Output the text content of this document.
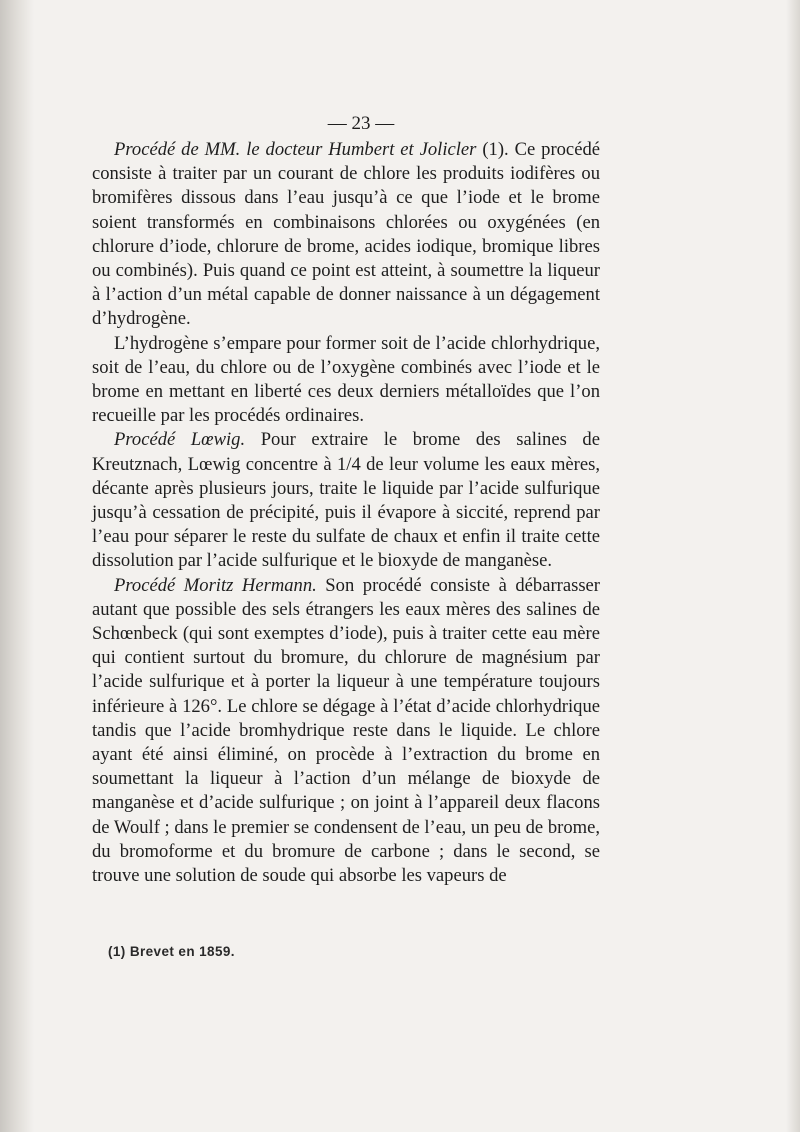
— 23 —

Procédé de MM. le docteur Humbert et Jolicler (1). Ce procédé consiste à traiter par un courant de chlore les produits iodifères ou bromifères dissous dans l’eau jusqu’à ce que l’iode et le brome soient transformés en combinaisons chlorées ou oxygénées (en chlorure d’iode, chlorure de brome, acides iodique, bromique libres ou combinés). Puis quand ce point est atteint, à soumettre la liqueur à l’action d’un métal capable de donner naissance à un dégagement d’hydrogène.

L’hydrogène s’empare pour former soit de l’acide chlorhydrique, soit de l’eau, du chlore ou de l’oxygène combinés avec l’iode et le brome en mettant en liberté ces deux derniers métalloïdes que l’on recueille par les procédés ordinaires.

Procédé Lœwig. Pour extraire le brome des salines de Kreutznach, Lœwig concentre à 1/4 de leur volume les eaux mères, décante après plusieurs jours, traite le liquide par l’acide sulfurique jusqu’à cessation de précipité, puis il évapore à siccité, reprend par l’eau pour séparer le reste du sulfate de chaux et enfin il traite cette dissolution par l’acide sulfurique et le bioxyde de manganèse.

Procédé Moritz Hermann. Son procédé consiste à débarrasser autant que possible des sels étrangers les eaux mères des salines de Schœnbeck (qui sont exemptes d’iode), puis à traiter cette eau mère qui contient surtout du bromure, du chlorure de magnésium par l’acide sulfurique et à porter la liqueur à une température toujours inférieure à 126°. Le chlore se dégage à l’état d’acide chlorhydrique tandis que l’acide bromhydrique reste dans le liquide. Le chlore ayant été ainsi éliminé, on procède à l’extraction du brome en soumettant la liqueur à l’action d’un mélange de bioxyde de manganèse et d’acide sulfurique ; on joint à l’appareil deux flacons de Woulf ; dans le premier se condensent de l’eau, un peu de brome, du bromoforme et du bromure de carbone ; dans le second, se trouve une solution de soude qui absorbe les vapeurs de

(1) Brevet en 1859.
